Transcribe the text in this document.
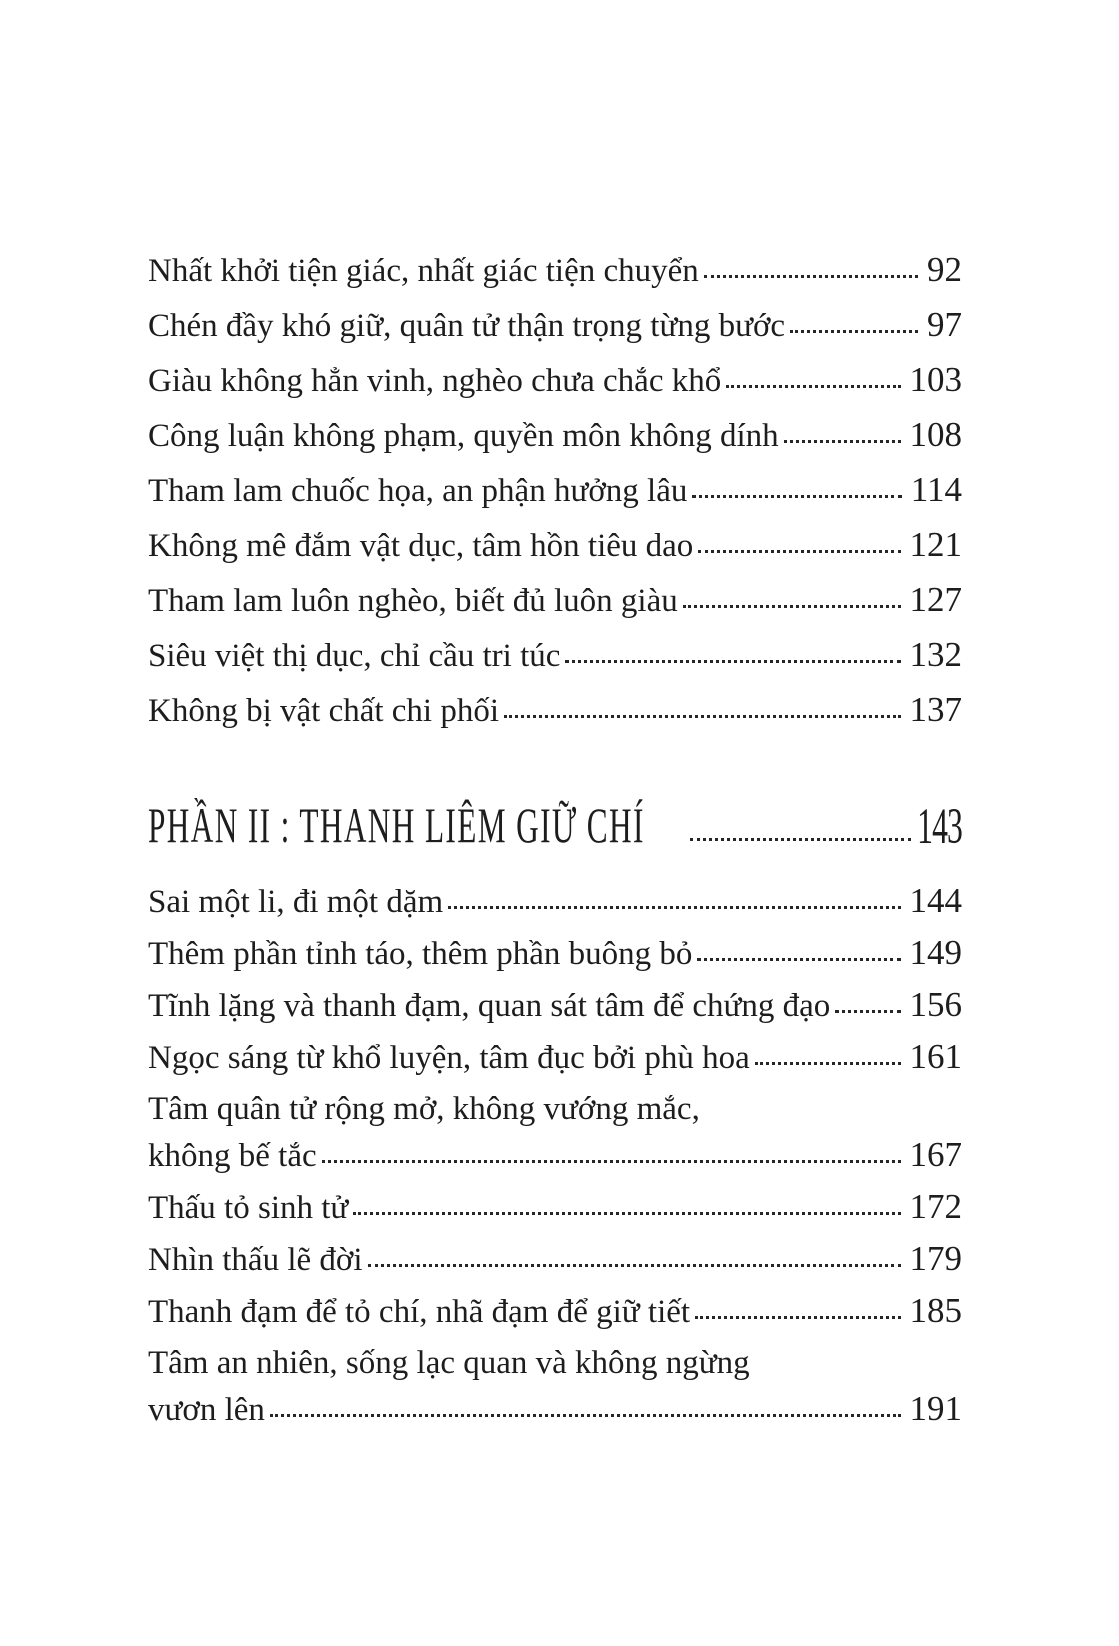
Nhất khởi tiện giác, nhất giác tiện chuyển	92
Chén đầy khó giữ, quân tử thận trọng từng bước	97
Giàu không hẳn vinh, nghèo chưa chắc khổ	103
Công luận không phạm, quyền môn không dính	108
Tham lam chuốc họa, an phận hưởng lâu	114
Không mê đắm vật dục, tâm hồn tiêu dao	121
Tham lam luôn nghèo, biết đủ luôn giàu	127
Siêu việt thị dục, chỉ cầu tri túc	132
Không bị vật chất chi phối	137
PHẦN II : THANH LIÊM GIỮ CHÍ	143
Sai một li, đi một dặm	144
Thêm phần tỉnh táo, thêm phần buông bỏ	149
Tĩnh lặng và thanh đạm, quan sát tâm để chứng đạo 156
Ngọc sáng từ khổ luyện, tâm đục bởi phù hoa	161
Tâm quân tử rộng mở, không vướng mắc,
không bế tắc	167
Thấu tỏ sinh tử	172
Nhìn thấu lẽ đời	179
Thanh đạm để tỏ chí, nhã đạm để giữ tiết	185
Tâm an nhiên, sống lạc quan và không ngừng
vươn lên	191
